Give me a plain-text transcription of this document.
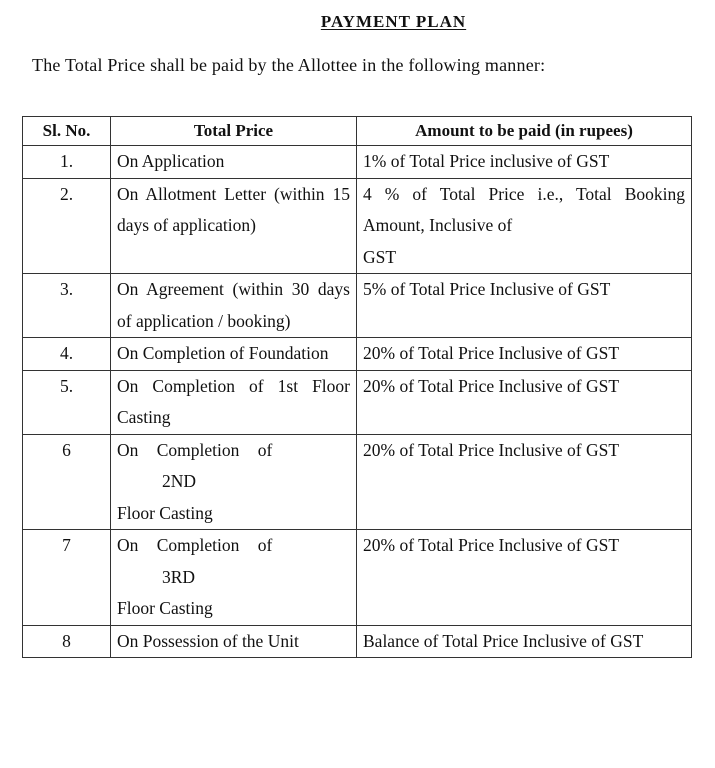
PAYMENT PLAN
The Total Price shall be paid by the Allottee in the following manner:
Sl. No.	Total Price	Amount to be paid (in rupees)
1.	On Application	1% of Total Price inclusive of GST
2.	On Allotment Letter (within 15 days of application)	4 % of Total Price i.e., Total Booking Amount, Inclusive of
GST

3.	On Agreement (within 30 days of application / booking)	5% of Total Price Inclusive of GST
4.	On Completion of Foundation	20% of Total Price Inclusive of GST
5.	On Completion of 1st Floor Casting	20% of Total Price Inclusive of GST
6	On Completion of
2ND
Floor Casting	20% of Total Price Inclusive of GST
7	On Completion of
3RD
Floor Casting	20% of Total Price Inclusive of GST
8	On Possession of the Unit	Balance of Total Price Inclusive of GST
